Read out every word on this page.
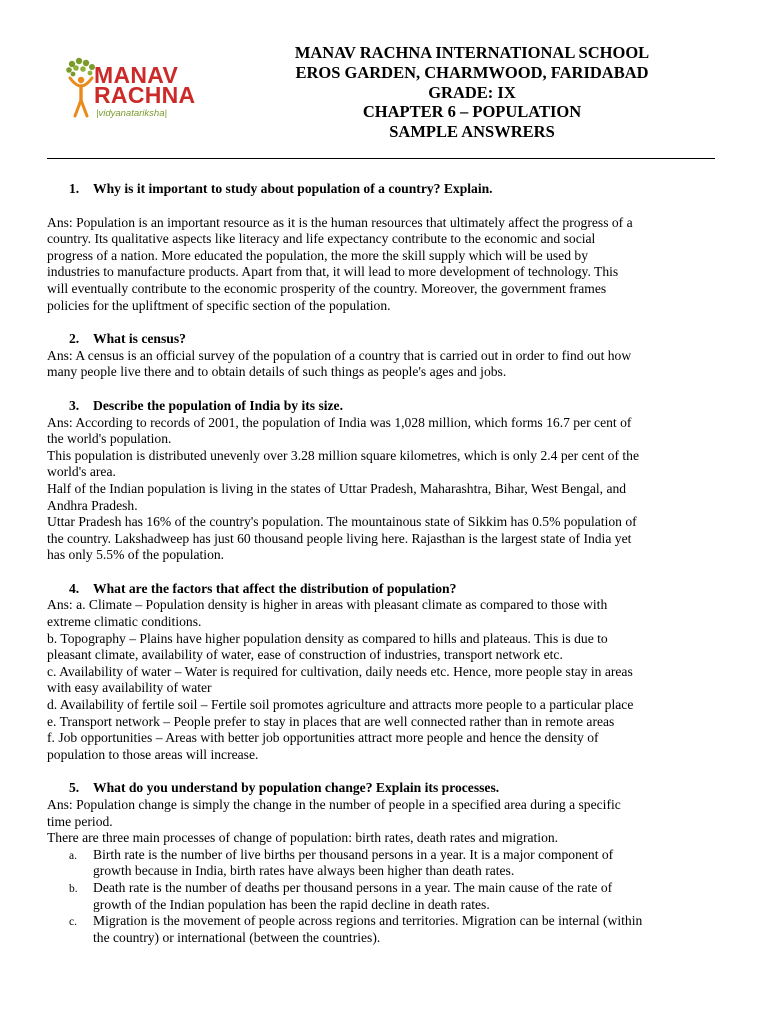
MANAV

RACHNA

|vidyanatariksha|
MANAV RACHNA INTERNATIONAL SCHOOL
EROS GARDEN, CHARMWOOD, FARIDABAD
GRADE: IX
CHAPTER 6 – POPULATION
SAMPLE ANSWRERS
1.	Why is it important to study about population of a country? Explain.

Ans: Population is an important resource as it is the human resources that ultimately affect the progress of a

country. Its qualitative aspects like literacy and life expectancy contribute to the economic and social

progress of a nation. More educated the population, the more the skill supply which will be used by

industries to manufacture products. Apart from that, it will lead to more development of technology. This

will eventually contribute to the economic prosperity of the country. Moreover, the government frames

policies for the upliftment of specific section of the population.

2.	What is census?

Ans: A census is an official survey of the population of a country that is carried out in order to find out how

many people live there and to obtain details of such things as people's ages and jobs.

3.	Describe the population of India by its size.

Ans: According to records of 2001, the population of India was 1,028 million, which forms 16.7 per cent of

the world's population.

This population is distributed unevenly over 3.28 million square kilometres, which is only 2.4 per cent of the

world's area.

Half of the Indian population is living in the states of Uttar Pradesh, Maharashtra, Bihar, West Bengal, and

Andhra Pradesh.

Uttar Pradesh has 16% of the country's population. The mountainous state of Sikkim has 0.5% population of

the country. Lakshadweep has just 60 thousand people living here. Rajasthan is the largest state of India yet

has only 5.5% of the population.

4.	What are the factors that affect the distribution of population?

Ans: a. Climate – Population density is higher in areas with pleasant climate as compared to those with

extreme climatic conditions.

b. Topography – Plains have higher population density as compared to hills and plateaus. This is due to

pleasant climate, availability of water, ease of construction of industries, transport network etc.

c. Availability of water – Water is required for cultivation, daily needs etc. Hence, more people stay in areas

with easy availability of water

d. Availability of fertile soil – Fertile soil promotes agriculture and attracts more people to a particular place

e. Transport network – People prefer to stay in places that are well connected rather than in remote areas

f. Job opportunities – Areas with better job opportunities attract more people and hence the density of

population to those areas will increase.

5.	What do you understand by population change? Explain its processes.

Ans: Population change is simply the change in the number of people in a specified area during a specific

time period.

There are three main processes of change of population: birth rates, death rates and migration.

a. Birth rate is the number of live births per thousand persons in a year. It is a major component of

growth because in India, birth rates have always been higher than death rates.

b. Death rate is the number of deaths per thousand persons in a year. The main cause of the rate of

growth of the Indian population has been the rapid decline in death rates.

c. Migration is the movement of people across regions and territories. Migration can be internal (within

the country) or international (between the countries).
